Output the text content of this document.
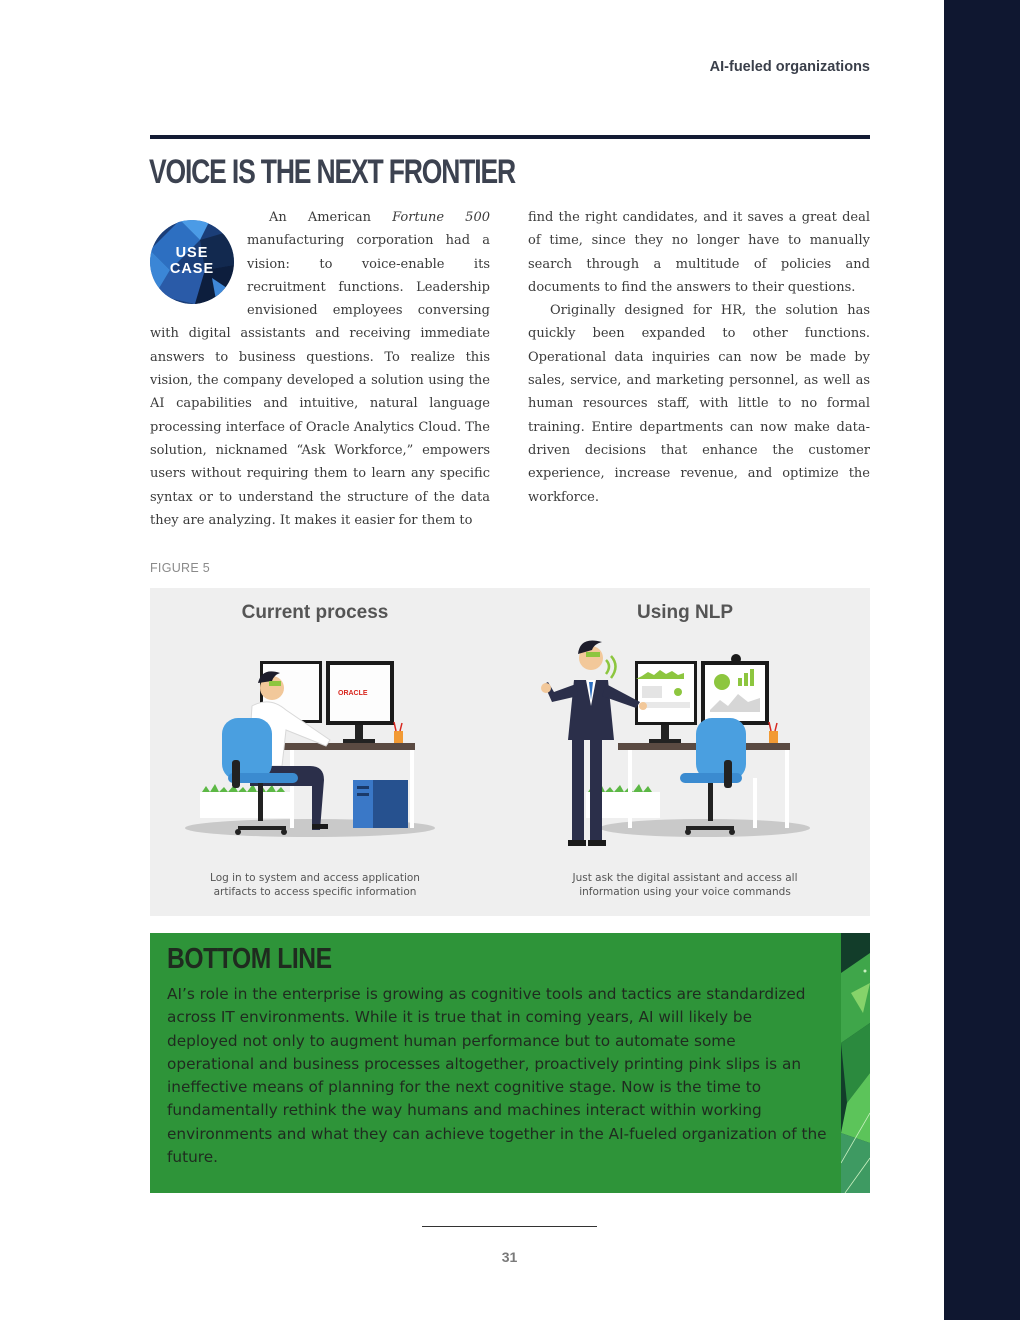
AI-fueled organizations
VOICE IS THE NEXT FRONTIER
USE
CASE

An American Fortune 500 manufacturing corporation had a vision: to voice-enable its recruitment functions. Leadership envisioned employees conversing with digital assistants and receiving immediate answers to business questions. To realize this vision, the company developed a solution using the AI capabilities and intuitive, natural language processing interface of Oracle Analytics Cloud. The solution, nicknamed “Ask Workforce,” empowers users without requiring them to learn any specific syntax or to understand the structure of the data they are analyzing. It makes it easier for them to

find the right candidates, and it saves a great deal of time, since they no longer have to manually search through a multitude of policies and documents to find the answers to their questions.

Originally designed for HR, the solution has quickly been expanded to other functions. Operational data inquiries can now be made by sales, service, and marketing personnel, as well as human resources staff, with little to no formal training. Entire departments can now make data-driven decisions that enhance the customer experience, increase revenue, and optimize the workforce.

FIGURE 5
ORACLE
Current process	Using NLP
Log in to system and access application artifacts to access specific information
Just ask the digital assistant and access all information using your voice commands
BOTTOM LINE
AI’s role in the enterprise is growing as cognitive tools and tactics are standardized across IT environments. While it is true that in coming years, AI will likely be deployed not only to augment human performance but to automate some operational and business processes altogether, proactively printing pink slips is an ineffective means of planning for the next cognitive stage. Now is the time to fundamentally rethink the way humans and machines interact within working environments and what they can achieve together in the AI-fueled organization of the future.
31
